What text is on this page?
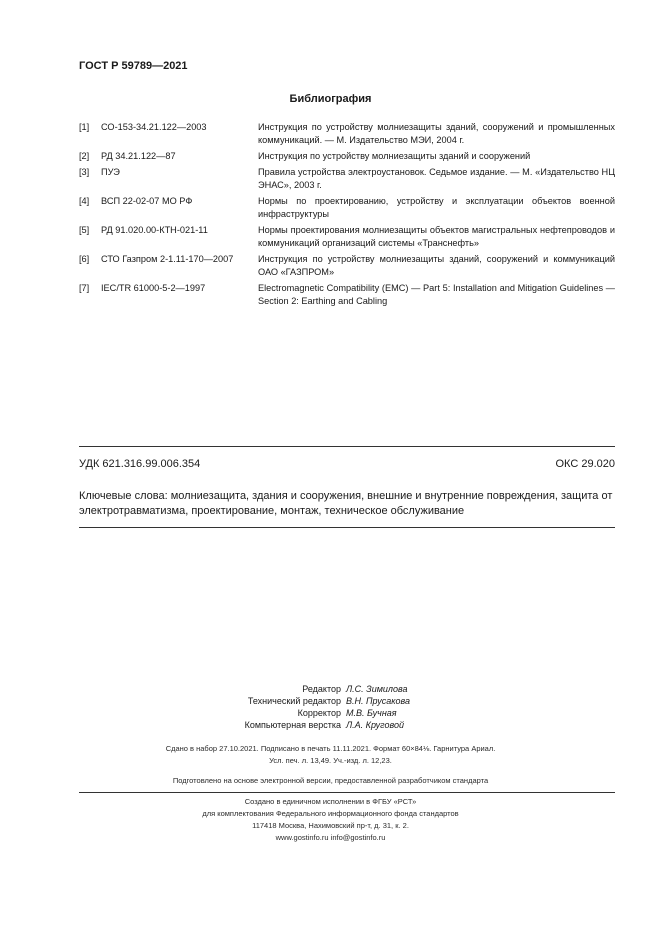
ГОСТ Р 59789—2021
Библиография
[1]	СО-153-34.21.122—2003	Инструкция по устройству молниезащиты зданий, сооружений и промышленных коммуникаций. — М. Издательство МЭИ, 2004 г.
[2]	РД 34.21.122—87	Инструкция по устройству молниезащиты зданий и сооружений
[3]	ПУЭ	Правила устройства электроустановок. Седьмое издание. — М. «Издательство НЦ ЭНАС», 2003 г.
[4]	ВСП 22-02-07 МО РФ	Нормы по проектированию, устройству и эксплуатации объектов военной инфраструктуры
[5]	РД 91.020.00-КТН-021-11	Нормы проектирования молниезащиты объектов магистральных нефтепроводов и коммуникаций организаций системы «Транснефть»
[6]	СТО Газпром 2-1.11-170—2007	Инструкция по устройству молниезащиты зданий, сооружений и коммуникаций ОАО «ГАЗПРОМ»
[7]	IEC/TR 61000-5-2—1997	Electromagnetic Compatibility (EMC) — Part 5: Installation and Mitigation Guidelines — Section 2: Earthing and Cabling
УДК 621.316.99.006.354	ОКС 29.020
Ключевые слова: молниезащита, здания и сооружения, внешние и внутренние повреждения, защита от электротравматизма, проектирование, монтаж, техническое обслуживание
Редактор Л.С. Зимилова
Технический редактор В.Н. Прусакова
Корректор М.В. Бучная
Компьютерная верстка Л.А. Круговой
Сдано в набор 27.10.2021. Подписано в печать 11.11.2021. Формат 60×84⅛. Гарнитура Ариал.
Усл. печ. л. 13,49. Уч.-изд. л. 12,23.
Подготовлено на основе электронной версии, предоставленной разработчиком стандарта
Создано в единичном исполнении в ФГБУ «РСТ»
для комплектования Федерального информационного фонда стандартов
117418 Москва, Нахимовский пр-т, д. 31, к. 2.
www.gostinfo.ru info@gostinfo.ru
